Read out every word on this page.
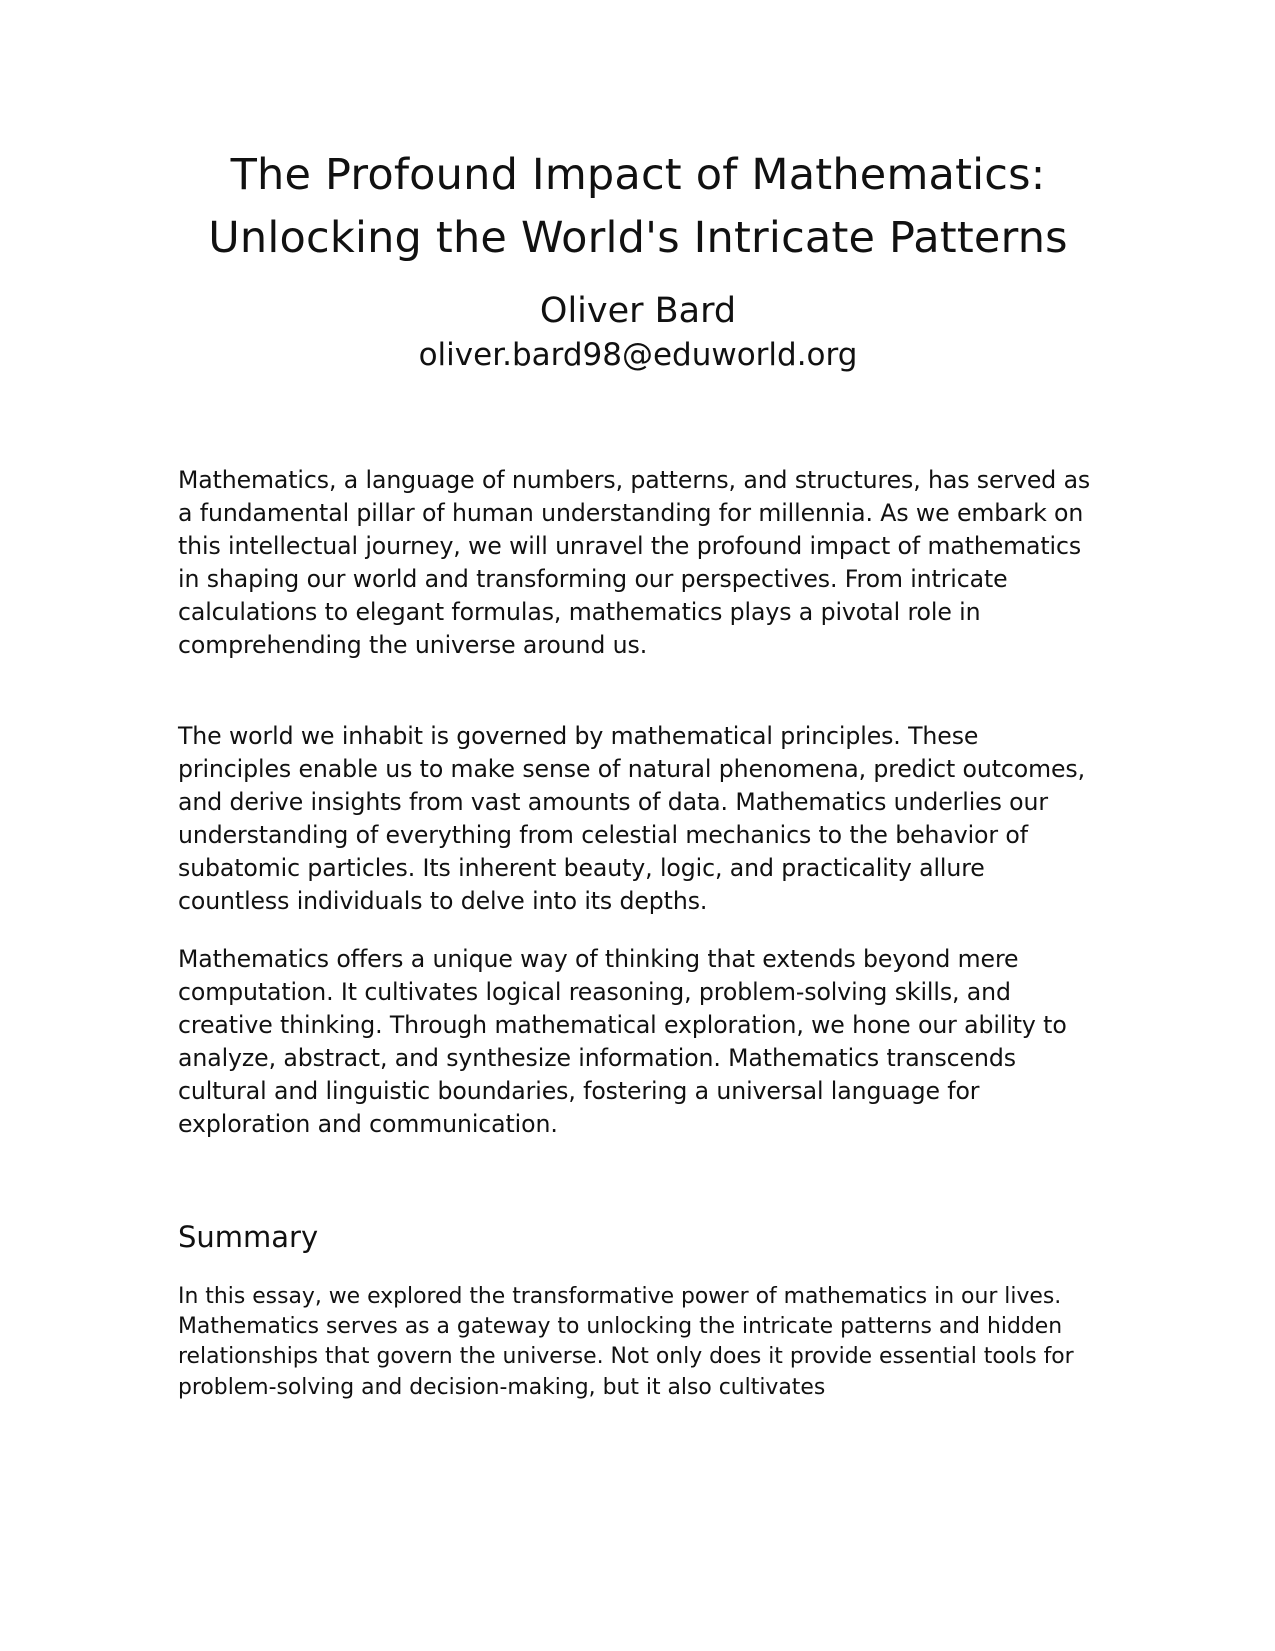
The Profound Impact of Mathematics: Unlocking the World's Intricate Patterns
Oliver Bard
oliver.bard98@eduworld.org

Mathematics, a language of numbers, patterns, and structures, has served as a fundamental pillar of human understanding for millennia. As we embark on this intellectual journey, we will unravel the profound impact of mathematics in shaping our world and transforming our perspectives. From intricate calculations to elegant formulas, mathematics plays a pivotal role in comprehending the universe around us.

The world we inhabit is governed by mathematical principles. These principles enable us to make sense of natural phenomena, predict outcomes, and derive insights from vast amounts of data. Mathematics underlies our understanding of everything from celestial mechanics to the behavior of subatomic particles. Its inherent beauty, logic, and practicality allure countless individuals to delve into its depths.

Mathematics offers a unique way of thinking that extends beyond mere computation. It cultivates logical reasoning, problem-solving skills, and creative thinking. Through mathematical exploration, we hone our ability to analyze, abstract, and synthesize information. Mathematics transcends cultural and linguistic boundaries, fostering a universal language for exploration and communication.

Summary

In this essay, we explored the transformative power of mathematics in our lives. Mathematics serves as a gateway to unlocking the intricate patterns and hidden relationships that govern the universe. Not only does it provide essential tools for problem-solving and decision-making, but it also cultivates
